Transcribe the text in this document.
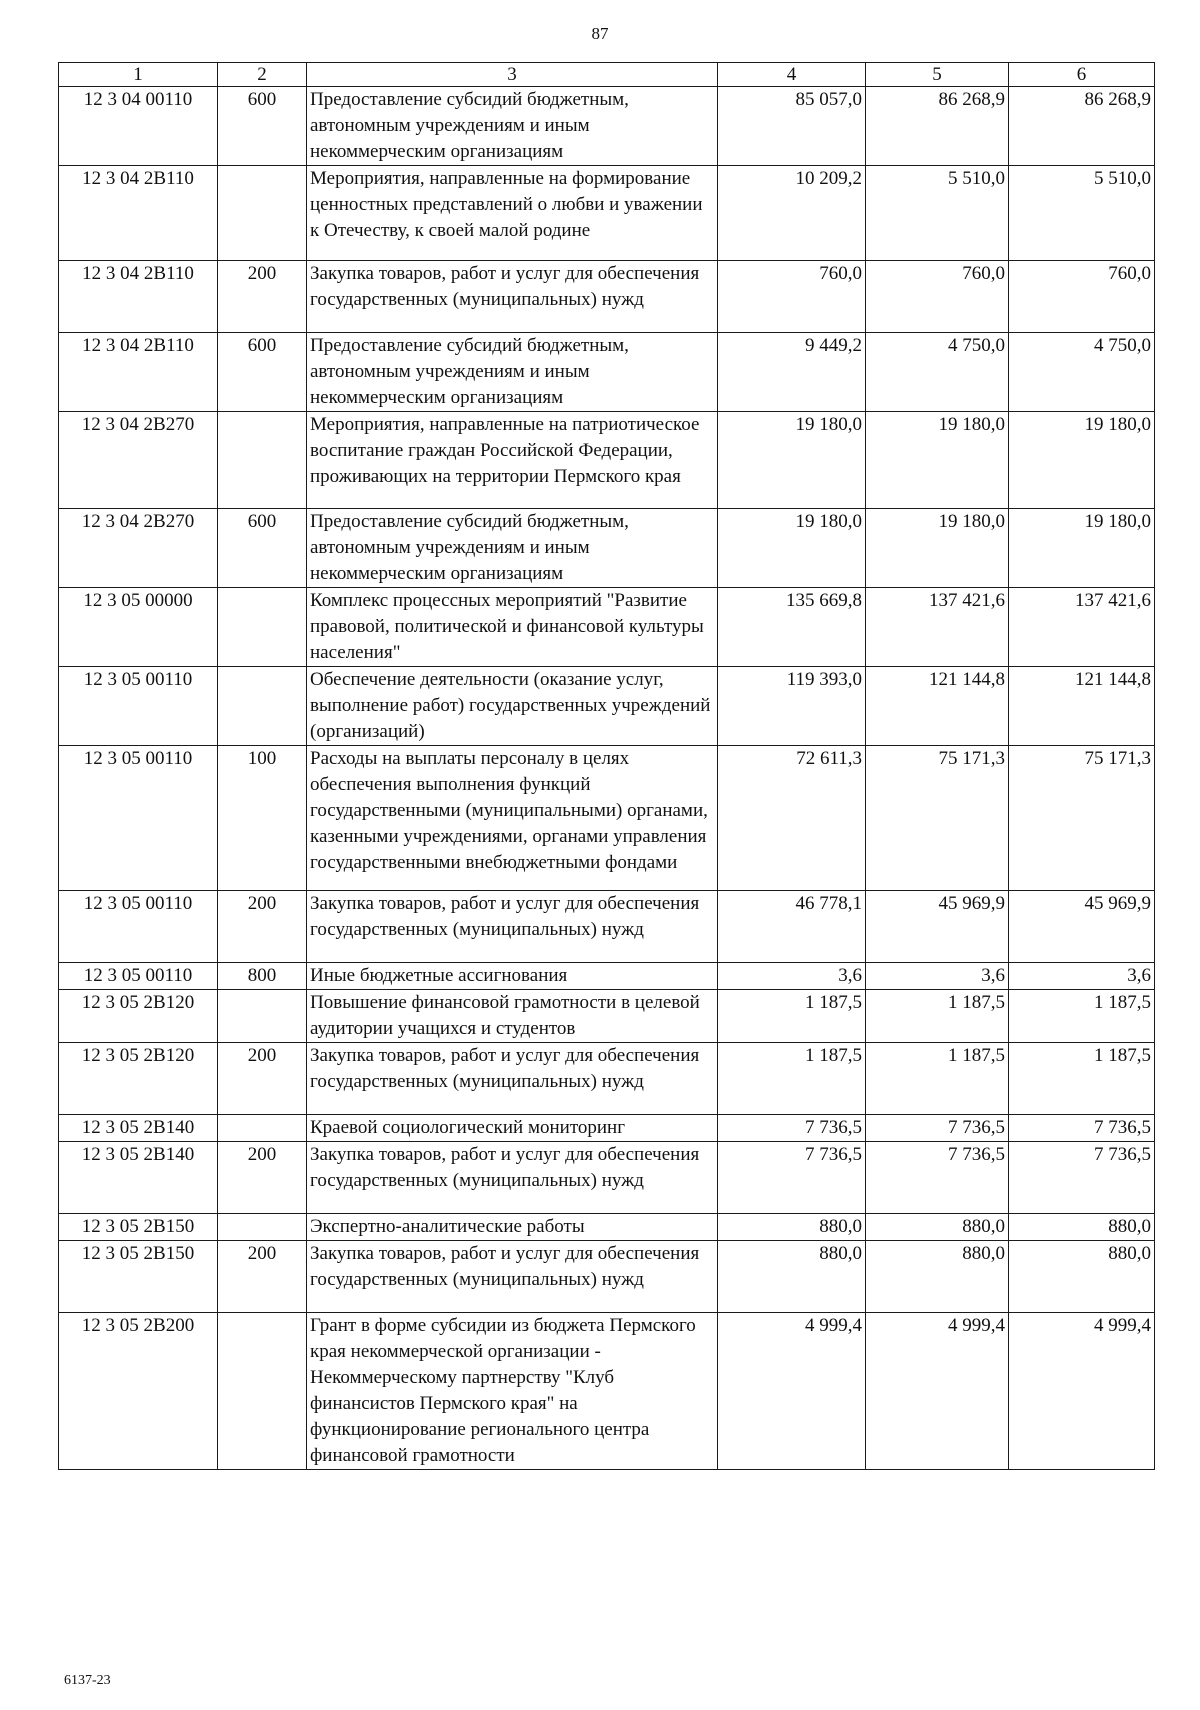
87
1	2	3	4	5	6
12 3 04 00110	600	Предоставление субсидий бюджетным, автономным учреждениям и иным некоммерческим организациям	85 057,0	86 268,9	86 268,9
12 3 04 2В110		Мероприятия, направленные на формирование ценностных представлений о любви и уважении к Отечеству, к своей малой родине	10 209,2	5 510,0	5 510,0
12 3 04 2В110	200	Закупка товаров, работ и услуг для обеспечения государственных (муниципальных) нужд	760,0	760,0	760,0
12 3 04 2В110	600	Предоставление субсидий бюджетным, автономным учреждениям и иным некоммерческим организациям	9 449,2	4 750,0	4 750,0
12 3 04 2В270		Мероприятия, направленные на патриотическое воспитание граждан Российской Федерации, проживающих на территории Пермского края	19 180,0	19 180,0	19 180,0
12 3 04 2В270	600	Предоставление субсидий бюджетным, автономным учреждениям и иным некоммерческим организациям	19 180,0	19 180,0	19 180,0
12 3 05 00000		Комплекс процессных мероприятий "Развитие правовой, политической и финансовой культуры населения"	135 669,8	137 421,6	137 421,6
12 3 05 00110		Обеспечение деятельности (оказание услуг, выполнение работ) государственных учреждений (организаций)	119 393,0	121 144,8	121 144,8
12 3 05 00110	100	Расходы на выплаты персоналу в целях обеспечения выполнения функций государственными (муниципальными) органами, казенными учреждениями, органами управления государственными внебюджетными фондами	72 611,3	75 171,3	75 171,3
12 3 05 00110	200	Закупка товаров, работ и услуг для обеспечения государственных (муниципальных) нужд	46 778,1	45 969,9	45 969,9
12 3 05 00110	800	Иные бюджетные ассигнования	3,6	3,6	3,6
12 3 05 2В120		Повышение финансовой грамотности в целевой аудитории учащихся и студентов	1 187,5	1 187,5	1 187,5
12 3 05 2В120	200	Закупка товаров, работ и услуг для обеспечения государственных (муниципальных) нужд	1 187,5	1 187,5	1 187,5
12 3 05 2В140		Краевой социологический мониторинг	7 736,5	7 736,5	7 736,5
12 3 05 2В140	200	Закупка товаров, работ и услуг для обеспечения государственных (муниципальных) нужд	7 736,5	7 736,5	7 736,5
12 3 05 2В150		Экспертно-аналитические работы	880,0	880,0	880,0
12 3 05 2В150	200	Закупка товаров, работ и услуг для обеспечения государственных (муниципальных) нужд	880,0	880,0	880,0
12 3 05 2В200		Грант в форме субсидии из бюджета Пермского края некоммерческой организации - Некоммерческому партнерству "Клуб финансистов Пермского края" на функционирование регионального центра финансовой грамотности	4 999,4	4 999,4	4 999,4
6137-23
